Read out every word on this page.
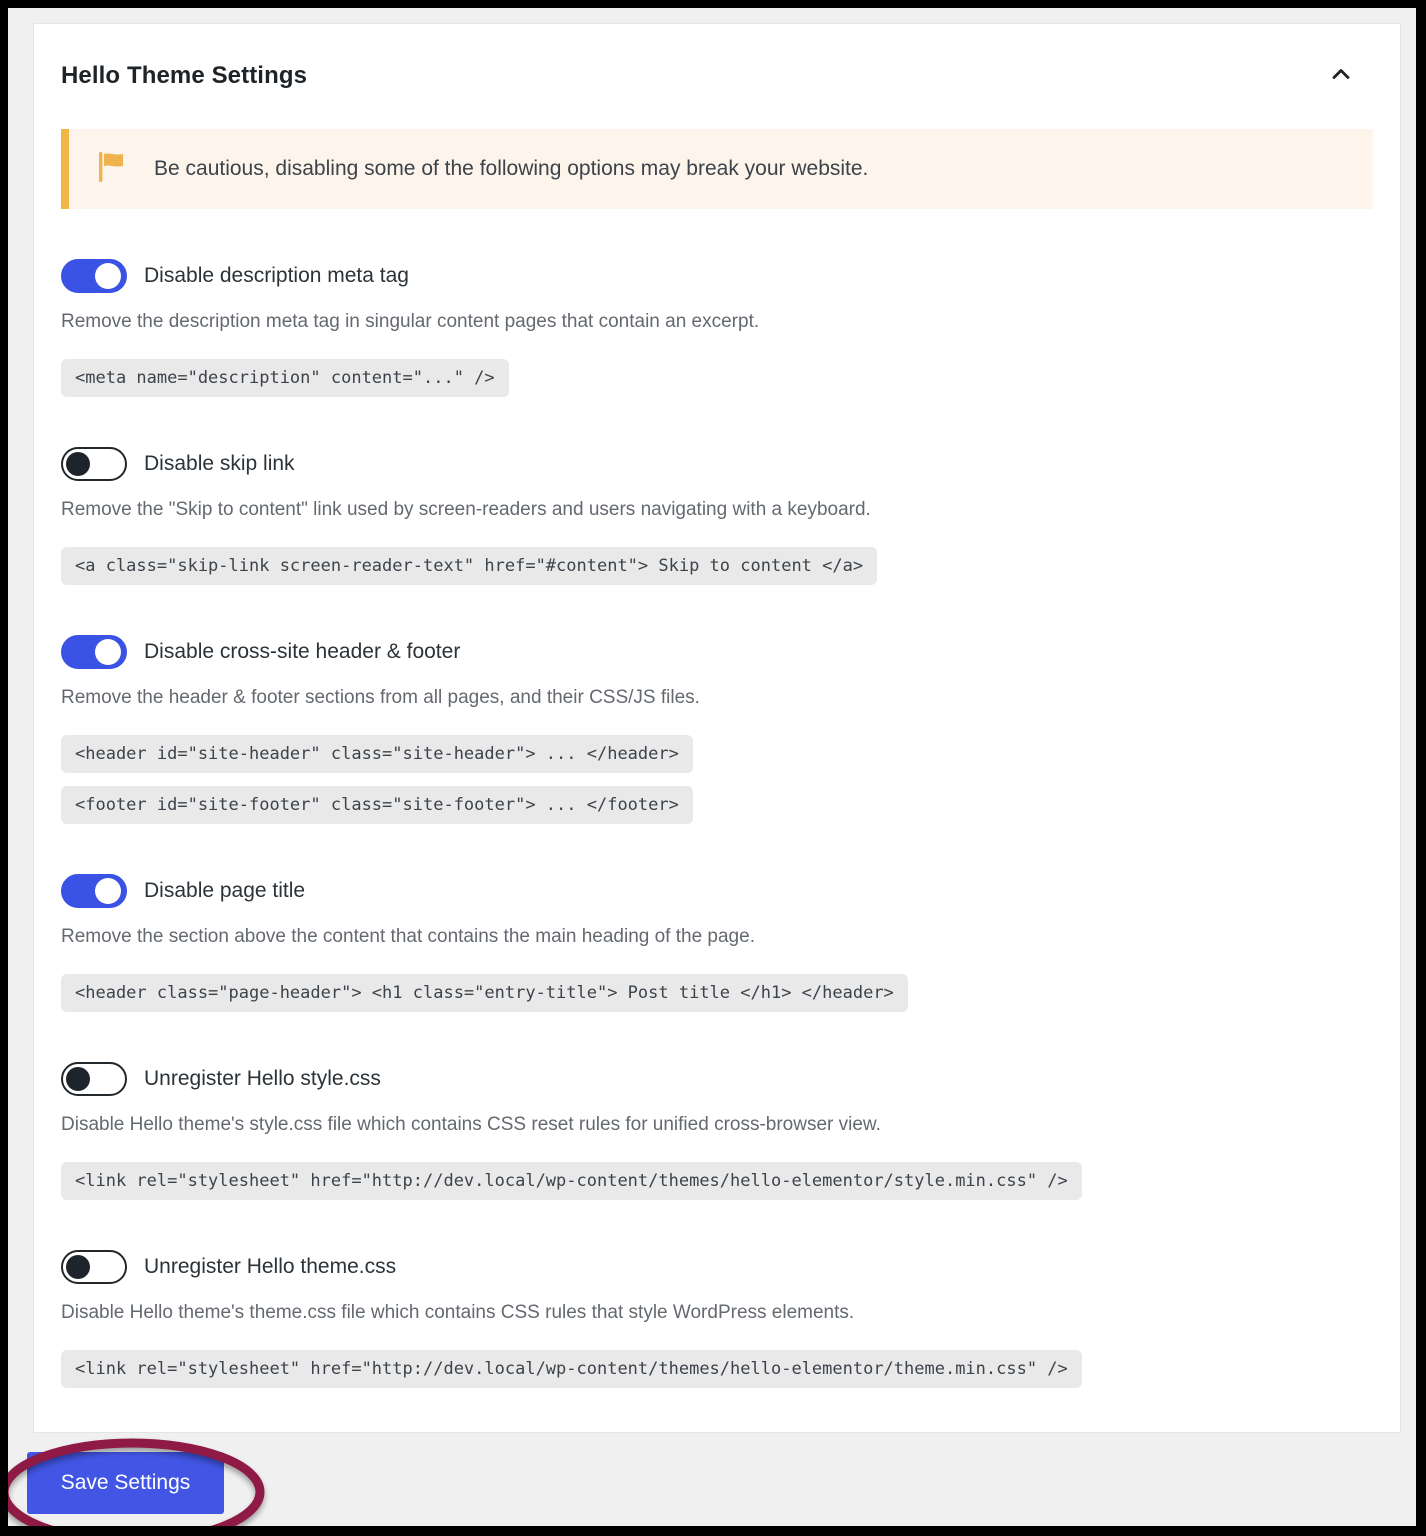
Hello Theme Settings
Be cautious, disabling some of the following options may break your website.
Disable description meta tag
Remove the description meta tag in singular content pages that contain an excerpt.
<meta name="description" content="..." />
Disable skip link
Remove the "Skip to content" link used by screen-readers and users navigating with a keyboard.
<a class="skip-link screen-reader-text" href="#content"> Skip to content </a>
Disable cross-site header & footer
Remove the header & footer sections from all pages, and their CSS/JS files.
<header id="site-header" class="site-header"> ... </header>
<footer id="site-footer" class="site-footer"> ... </footer>
Disable page title
Remove the section above the content that contains the main heading of the page.
<header class="page-header"> <h1 class="entry-title"> Post title </h1> </header>
Unregister Hello style.css
Disable Hello theme's style.css file which contains CSS reset rules for unified cross-browser view.
<link rel="stylesheet" href="http://dev.local/wp-content/themes/hello-elementor/style.min.css" />
Unregister Hello theme.css
Disable Hello theme's theme.css file which contains CSS rules that style WordPress elements.
<link rel="stylesheet" href="http://dev.local/wp-content/themes/hello-elementor/theme.min.css" />
Save Settings
